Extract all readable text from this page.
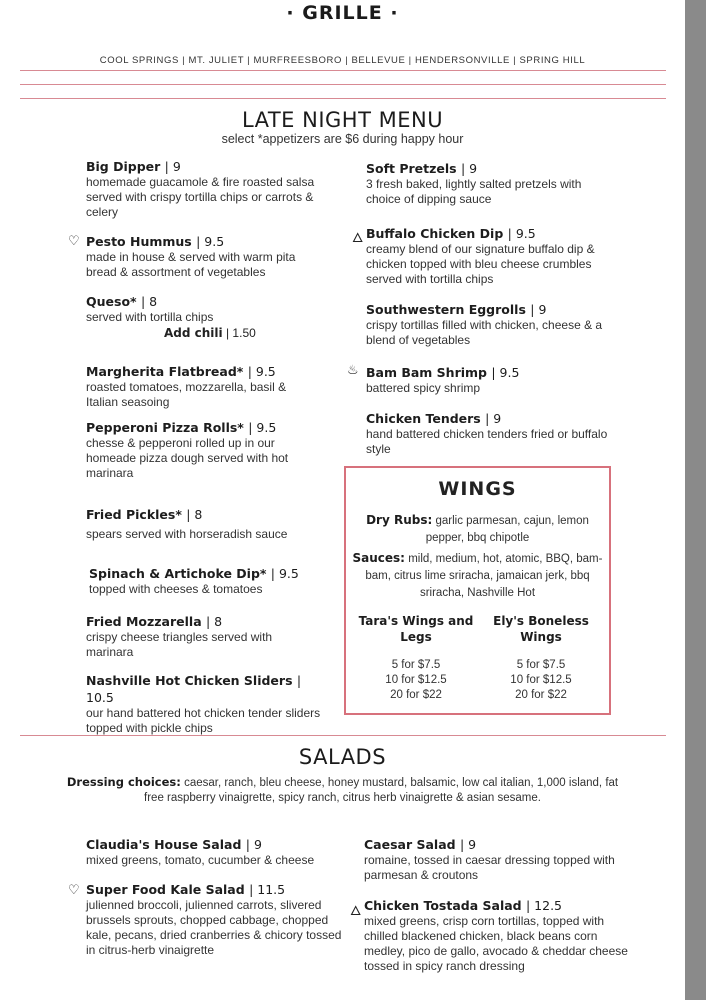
· GRILLE ·
COOL SPRINGS | MT. JULIET | MURFREESBORO | BELLEVUE | HENDERSONVILLE | SPRING HILL
LATE NIGHT MENU
select *appetizers are $6 during happy hour
Big Dipper | 9
homemade guacamole & fire roasted salsa served with crispy tortilla chips or carrots & celery
♡ Pesto Hummus | 9.5
made in house & served with warm pita bread & assortment of vegetables
Queso* | 8
served with tortilla chips
Add chili | 1.50
Margherita Flatbread* | 9.5
roasted tomatoes, mozzarella, basil & Italian seasoing
Pepperoni Pizza Rolls* | 9.5
chesse & pepperoni rolled up in our homeade pizza dough served with hot marinara
Fried Pickles* | 8
spears served with horseradish sauce
Spinach & Artichoke Dip* | 9.5
topped with cheeses & tomatoes
Fried Mozzarella | 8
crispy cheese triangles served with marinara
Nashville Hot Chicken Sliders | 10.5
our hand battered hot chicken tender sliders topped with pickle chips
Soft Pretzels | 9
3 fresh baked, lightly salted pretzels with choice of dipping sauce
🜂 Buffalo Chicken Dip | 9.5
creamy blend of our signature buffalo dip & chicken topped with bleu cheese crumbles served with tortilla chips
Southwestern Eggrolls | 9
crispy tortillas filled with chicken, cheese & a blend of vegetables
♨ Bam Bam Shrimp | 9.5
battered spicy shrimp
Chicken Tenders | 9
hand battered chicken tenders fried or buffalo style
WINGS
Dry Rubs: garlic parmesan, cajun, lemon pepper, bbq chipotle
Sauces: mild, medium, hot, atomic, BBQ, bam-bam, citrus lime sriracha, jamaican jerk, bbq sriracha, Nashville Hot
Tara's Wings and Legs
5 for $7.5
10 for $12.5
20 for $22
Ely's Boneless Wings
5 for $7.5
10 for $12.5
20 for $22
SALADS
Dressing choices: caesar, ranch, bleu cheese, honey mustard, balsamic, low cal italian, 1,000 island, fat free raspberry vinaigrette, spicy ranch, citrus herb vinaigrette & asian sesame.
Claudia's House Salad | 9
mixed greens, tomato, cucumber & cheese
♡ Super Food Kale Salad | 11.5
julienned broccoli, julienned carrots, slivered brussels sprouts, chopped cabbage, chopped kale, pecans, dried cranberries & chicory tossed in citrus-herb vinaigrette
Caesar Salad | 9
romaine, tossed in caesar dressing topped with parmesan & croutons
🜂 Chicken Tostada Salad | 12.5
mixed greens, crisp corn tortillas, topped with chilled blackened chicken, black beans corn medley, pico de gallo, avocado & cheddar cheese tossed in spicy ranch dressing
